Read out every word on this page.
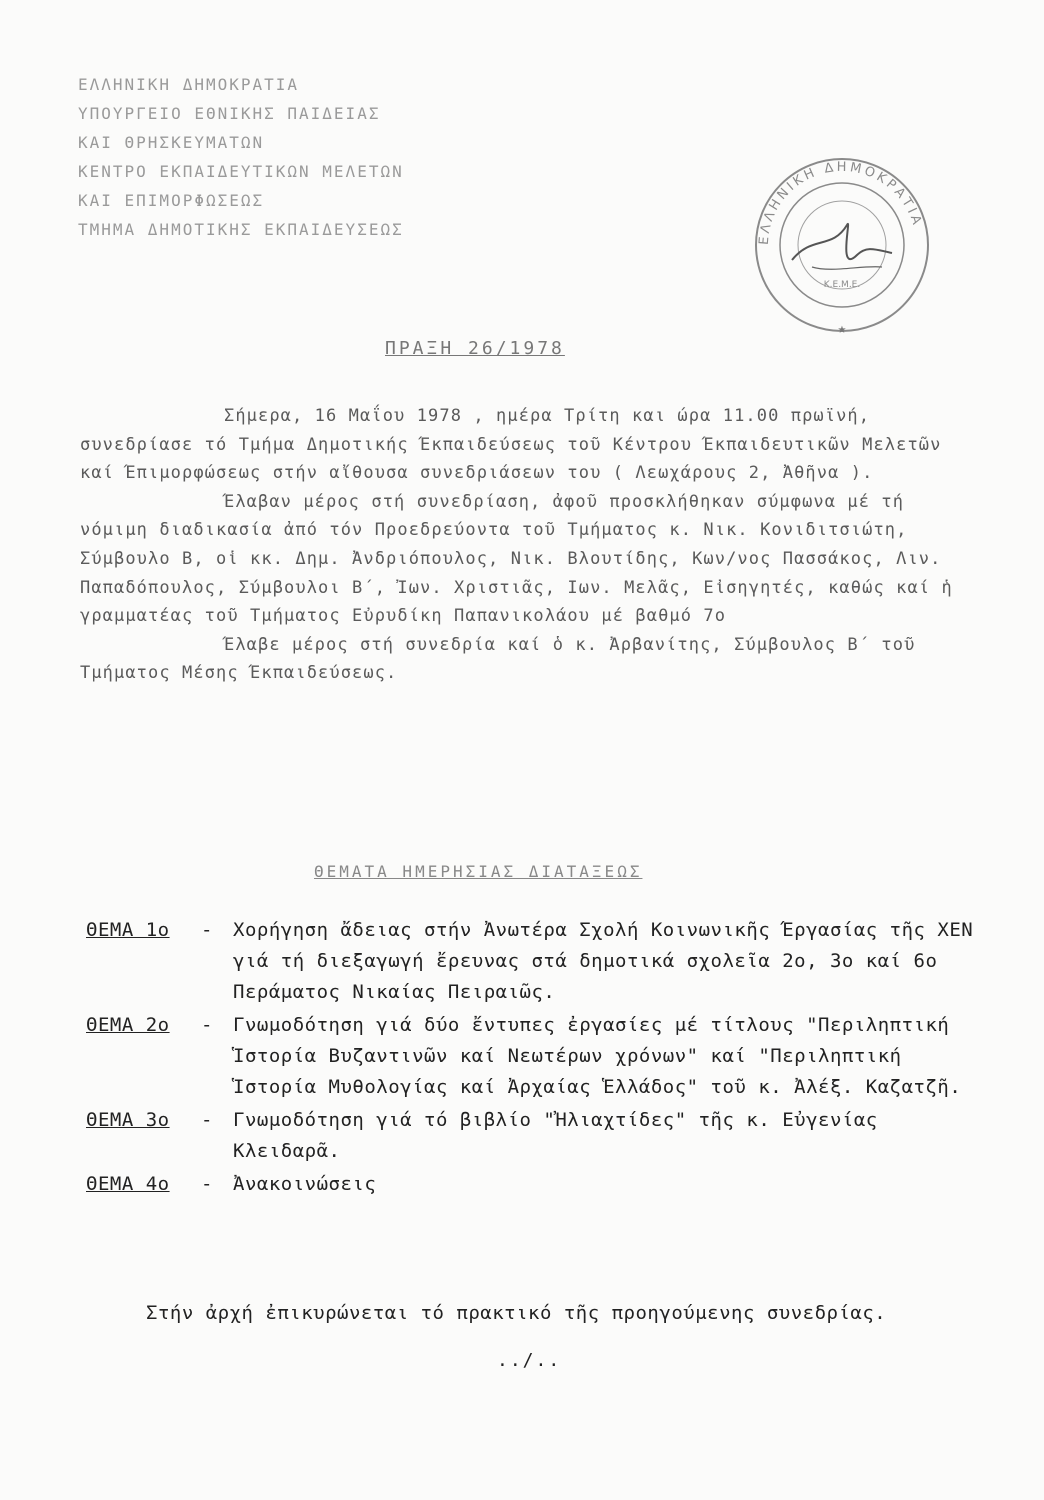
ΕΛΛΗΝΙΚΗ ΔΗΜΟΚΡΑΤΙΑ
ΥΠΟΥΡΓΕΙΟ ΕΘΝΙΚΗΣ ΠΑΙΔΕΙΑΣ
ΚΑΙ ΘΡΗΣΚΕΥΜΑΤΩΝ
ΚΕΝΤΡΟ ΕΚΠΑΙΔΕΥΤΙΚΩΝ ΜΕΛΕΤΩΝ
ΚΑΙ ΕΠΙΜΟΡΦΩΣΕΩΣ
ΤΜΗΜΑ ΔΗΜΟΤΙΚΗΣ ΕΚΠΑΙΔΕΥΣΕΩΣ
ΕΛΛΗΝΙΚΗ ΔΗΜΟΚΡΑΤΙΑ
Κ.Ε.Μ.Ε.
★
ΠΡΑΞΗ 26/1978

Σήμερα, 16 Μαΐου 1978 , ημέρα Τρίτη και ώρα 11.00 πρωϊνή, συνεδρίασε τό Τμήμα Δημοτικής Έκπαιδεύσεως τοῦ Κέντρου Έκπαιδευτικῶν Μελετῶν καί Έπιμορφώσεως στήν αἴθουσα συνεδριάσεων του ( Λεωχάρους 2, Ἀθῆνα ).

Έλαβαν μέρος στή συνεδρίαση, ἀφοῦ προσκλήθηκαν σύμφωνα μέ τή νόμιμη διαδικασία ἀπό τόν Προεδρεύοντα τοῦ Τμήματος κ. Νικ. Κονιδιτσιώτη, Σύμβουλο Β, οἱ κκ. Δημ. Ἀνδριόπουλος, Νικ. Βλουτίδης, Κων/νος Πασσάκος, Λιν. Παπαδόπουλος, Σύμβουλοι Β΄, Ἰων. Χριστιᾶς, Ιων. Μελᾶς, Εἰσηγητές, καθώς καί ἡ γραμματέας τοῦ Τμήματος Εὐρυδίκη Παπανικολάου μέ βαθμό 7ο

Έλαβε μέρος στή συνεδρία καί ὁ κ. Ἀρβανίτης, Σύμβουλος Β΄ τοῦ Τμήματος Μέσης Έκπαιδεύσεως.

ΘΕΜΑΤΑ ΗΜΕΡΗΣΙΑΣ ΔΙΑΤΑΞΕΩΣ
ΘΕΜΑ 1ο	-	Χορήγηση ἄδειας στήν Ἀνωτέρα Σχολή Κοινωνικῆς Έργασίας τῆς ΧΕΝ γιά τή διεξαγωγή ἔρευνας στά δημοτικά σχολεῖα 2ο, 3ο καί 6ο Περάματος Νικαίας Πειραιῶς.
ΘΕΜΑ 2ο	-	Γνωμοδότηση γιά δύο ἔντυπες ἐργασίες μέ τίτλους "Περιληπτική Ἱστορία Βυζαντινῶν καί Νεωτέρων χρόνων" καί "Περιληπτική Ἱστορία Μυθολογίας καί Ἀρχαίας Ἑλλάδος" τοῦ κ. Ἀλέξ. Καζατζῆ.
ΘΕΜΑ 3ο	-	Γνωμοδότηση γιά τό βιβλίο "Ἠλιαχτίδες" τῆς κ. Εὐγενίας Κλειδαρᾶ.
ΘΕΜΑ 4ο	-	Ἀνακοινώσεις
Στήν ἀρχή ἐπικυρώνεται τό πρακτικό τῆς προηγούμενης συνεδρίας.
../..
